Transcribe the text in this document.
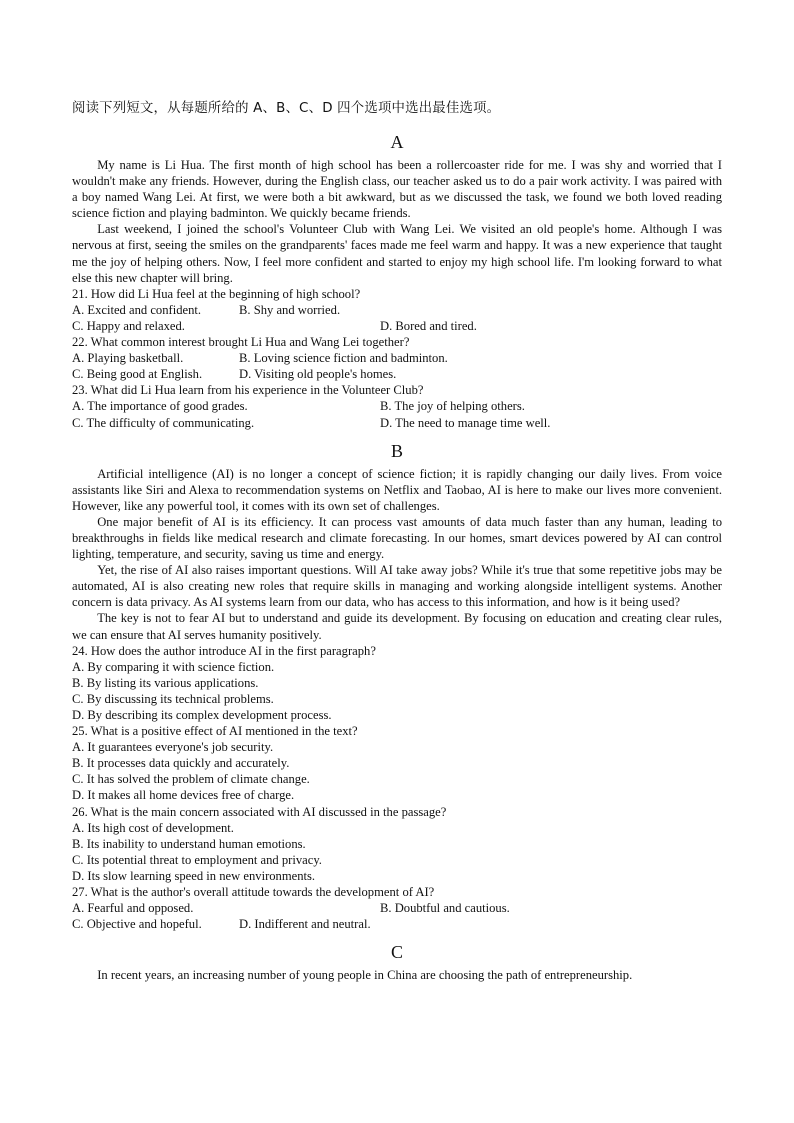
阅读下列短文，从每题所给的 A、B、C、D 四个选项中选出最佳选项。

A

My name is Li Hua. The first month of high school has been a rollercoaster ride for me. I was shy and worried that I wouldn't make any friends. However, during the English class, our teacher asked us to do a pair work activity. I was paired with a boy named Wang Lei. At first, we were both a bit awkward, but as we discussed the task, we found we both loved reading science fiction and playing badminton. We quickly became friends.

Last weekend, I joined the school's Volunteer Club with Wang Lei. We visited an old people's home. Although I was nervous at first, seeing the smiles on the grandparents' faces made me feel warm and happy. It was a new experience that taught me the joy of helping others. Now, I feel more confident and started to enjoy my high school life. I'm looking forward to what else this new chapter will bring.

21. How did Li Hua feel at the beginning of high school?

A. Excited and confident.	B. Shy and worried.
C. Happy and relaxed.	D. Bored and tired.

22. What common interest brought Li Hua and Wang Lei together?

A. Playing basketball.	B. Loving science fiction and badminton.
C. Being good at English.	D. Visiting old people's homes.

23. What did Li Hua learn from his experience in the Volunteer Club?

A. The importance of good grades.	B. The joy of helping others.
C. The difficulty of communicating.	D. The need to manage time well.
B

Artificial intelligence (AI) is no longer a concept of science fiction; it is rapidly changing our daily lives. From voice assistants like Siri and Alexa to recommendation systems on Netflix and Taobao, AI is here to make our lives more convenient. However, like any powerful tool, it comes with its own set of challenges.

One major benefit of AI is its efficiency. It can process vast amounts of data much faster than any human, leading to breakthroughs in fields like medical research and climate forecasting. In our homes, smart devices powered by AI can control lighting, temperature, and security, saving us time and energy.

Yet, the rise of AI also raises important questions. Will AI take away jobs? While it's true that some repetitive jobs may be automated, AI is also creating new roles that require skills in managing and working alongside intelligent systems. Another concern is data privacy. As AI systems learn from our data, who has access to this information, and how is it being used?

The key is not to fear AI but to understand and guide its development. By focusing on education and creating clear rules, we can ensure that AI serves humanity positively.

24. How does the author introduce AI in the first paragraph?

A. By comparing it with science fiction.

B. By listing its various applications.

C. By discussing its technical problems.

D. By describing its complex development process.

25. What is a positive effect of AI mentioned in the text?

A. It guarantees everyone's job security.

B. It processes data quickly and accurately.

C. It has solved the problem of climate change.

D. It makes all home devices free of charge.

26. What is the main concern associated with AI discussed in the passage?

A. Its high cost of development.

B. Its inability to understand human emotions.

C. Its potential threat to employment and privacy.

D. Its slow learning speed in new environments.

27. What is the author's overall attitude towards the development of AI?

A. Fearful and opposed.	B. Doubtful and cautious.
C. Objective and hopeful.	D. Indifferent and neutral.
C

In recent years, an increasing number of young people in China are choosing the path of entrepreneurship.
